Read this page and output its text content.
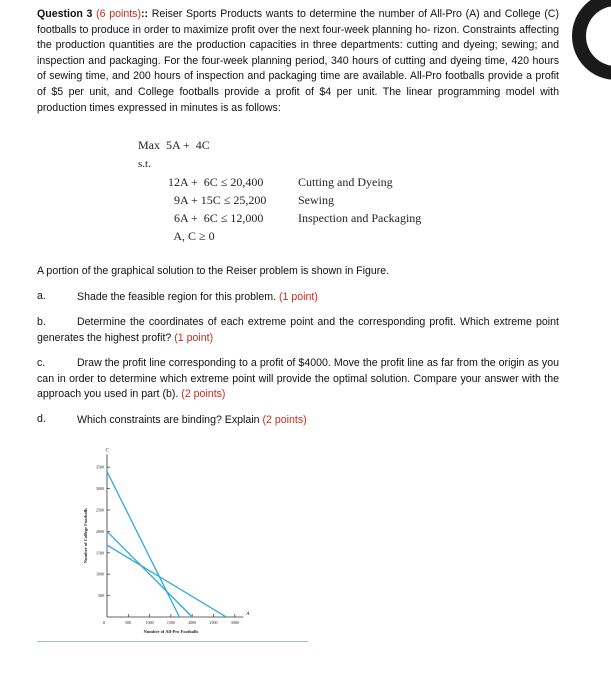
Question 3 (6 points):: Reiser Sports Products wants to determine the number of All-Pro (A) and College (C) footballs to produce in order to maximize profit over the next four-week planning ho- rizon. Constraints affecting the production quantities are the production capacities in three departments: cutting and dyeing; sewing; and inspection and packaging. For the four-week planning period, 340 hours of cutting and dyeing time, 420 hours of sewing time, and 200 hours of inspection and packaging time are available. All-Pro footballs provide a profit of $5 per unit, and College footballs provide a profit of $4 per unit. The linear programming model with production times expressed in minutes is as follows:
Max  5A +  4C
s.t.
12A +  6C ≤ 20,400	Cutting and Dyeing
9A + 15C ≤ 25,200	Sewing
6A +  6C ≤ 12,000	Inspection and Packaging
A, C ≥ 0
A portion of the graphical solution to the Reiser problem is shown in Figure.
a.	Shade the feasible region for this problem. (1 point)
b.	Determine the coordinates of each extreme point and the corresponding profit. Which extreme point generates the highest profit? (1 point)
c.	Draw the profit line corresponding to a profit of $4000. Move the profit line as far from the origin as you can in order to determine which extreme point will provide the optimal solution. Compare your answer with the approach you used in part (b). (2 points)
d.	Which constraints are binding? Explain (2 points)
A
C
0	500	1000	1500	2000	2500	3000
500
1000
1500
2000
2500
3000
3500
Number of All-Pro Footballs
Number of College Footballs
